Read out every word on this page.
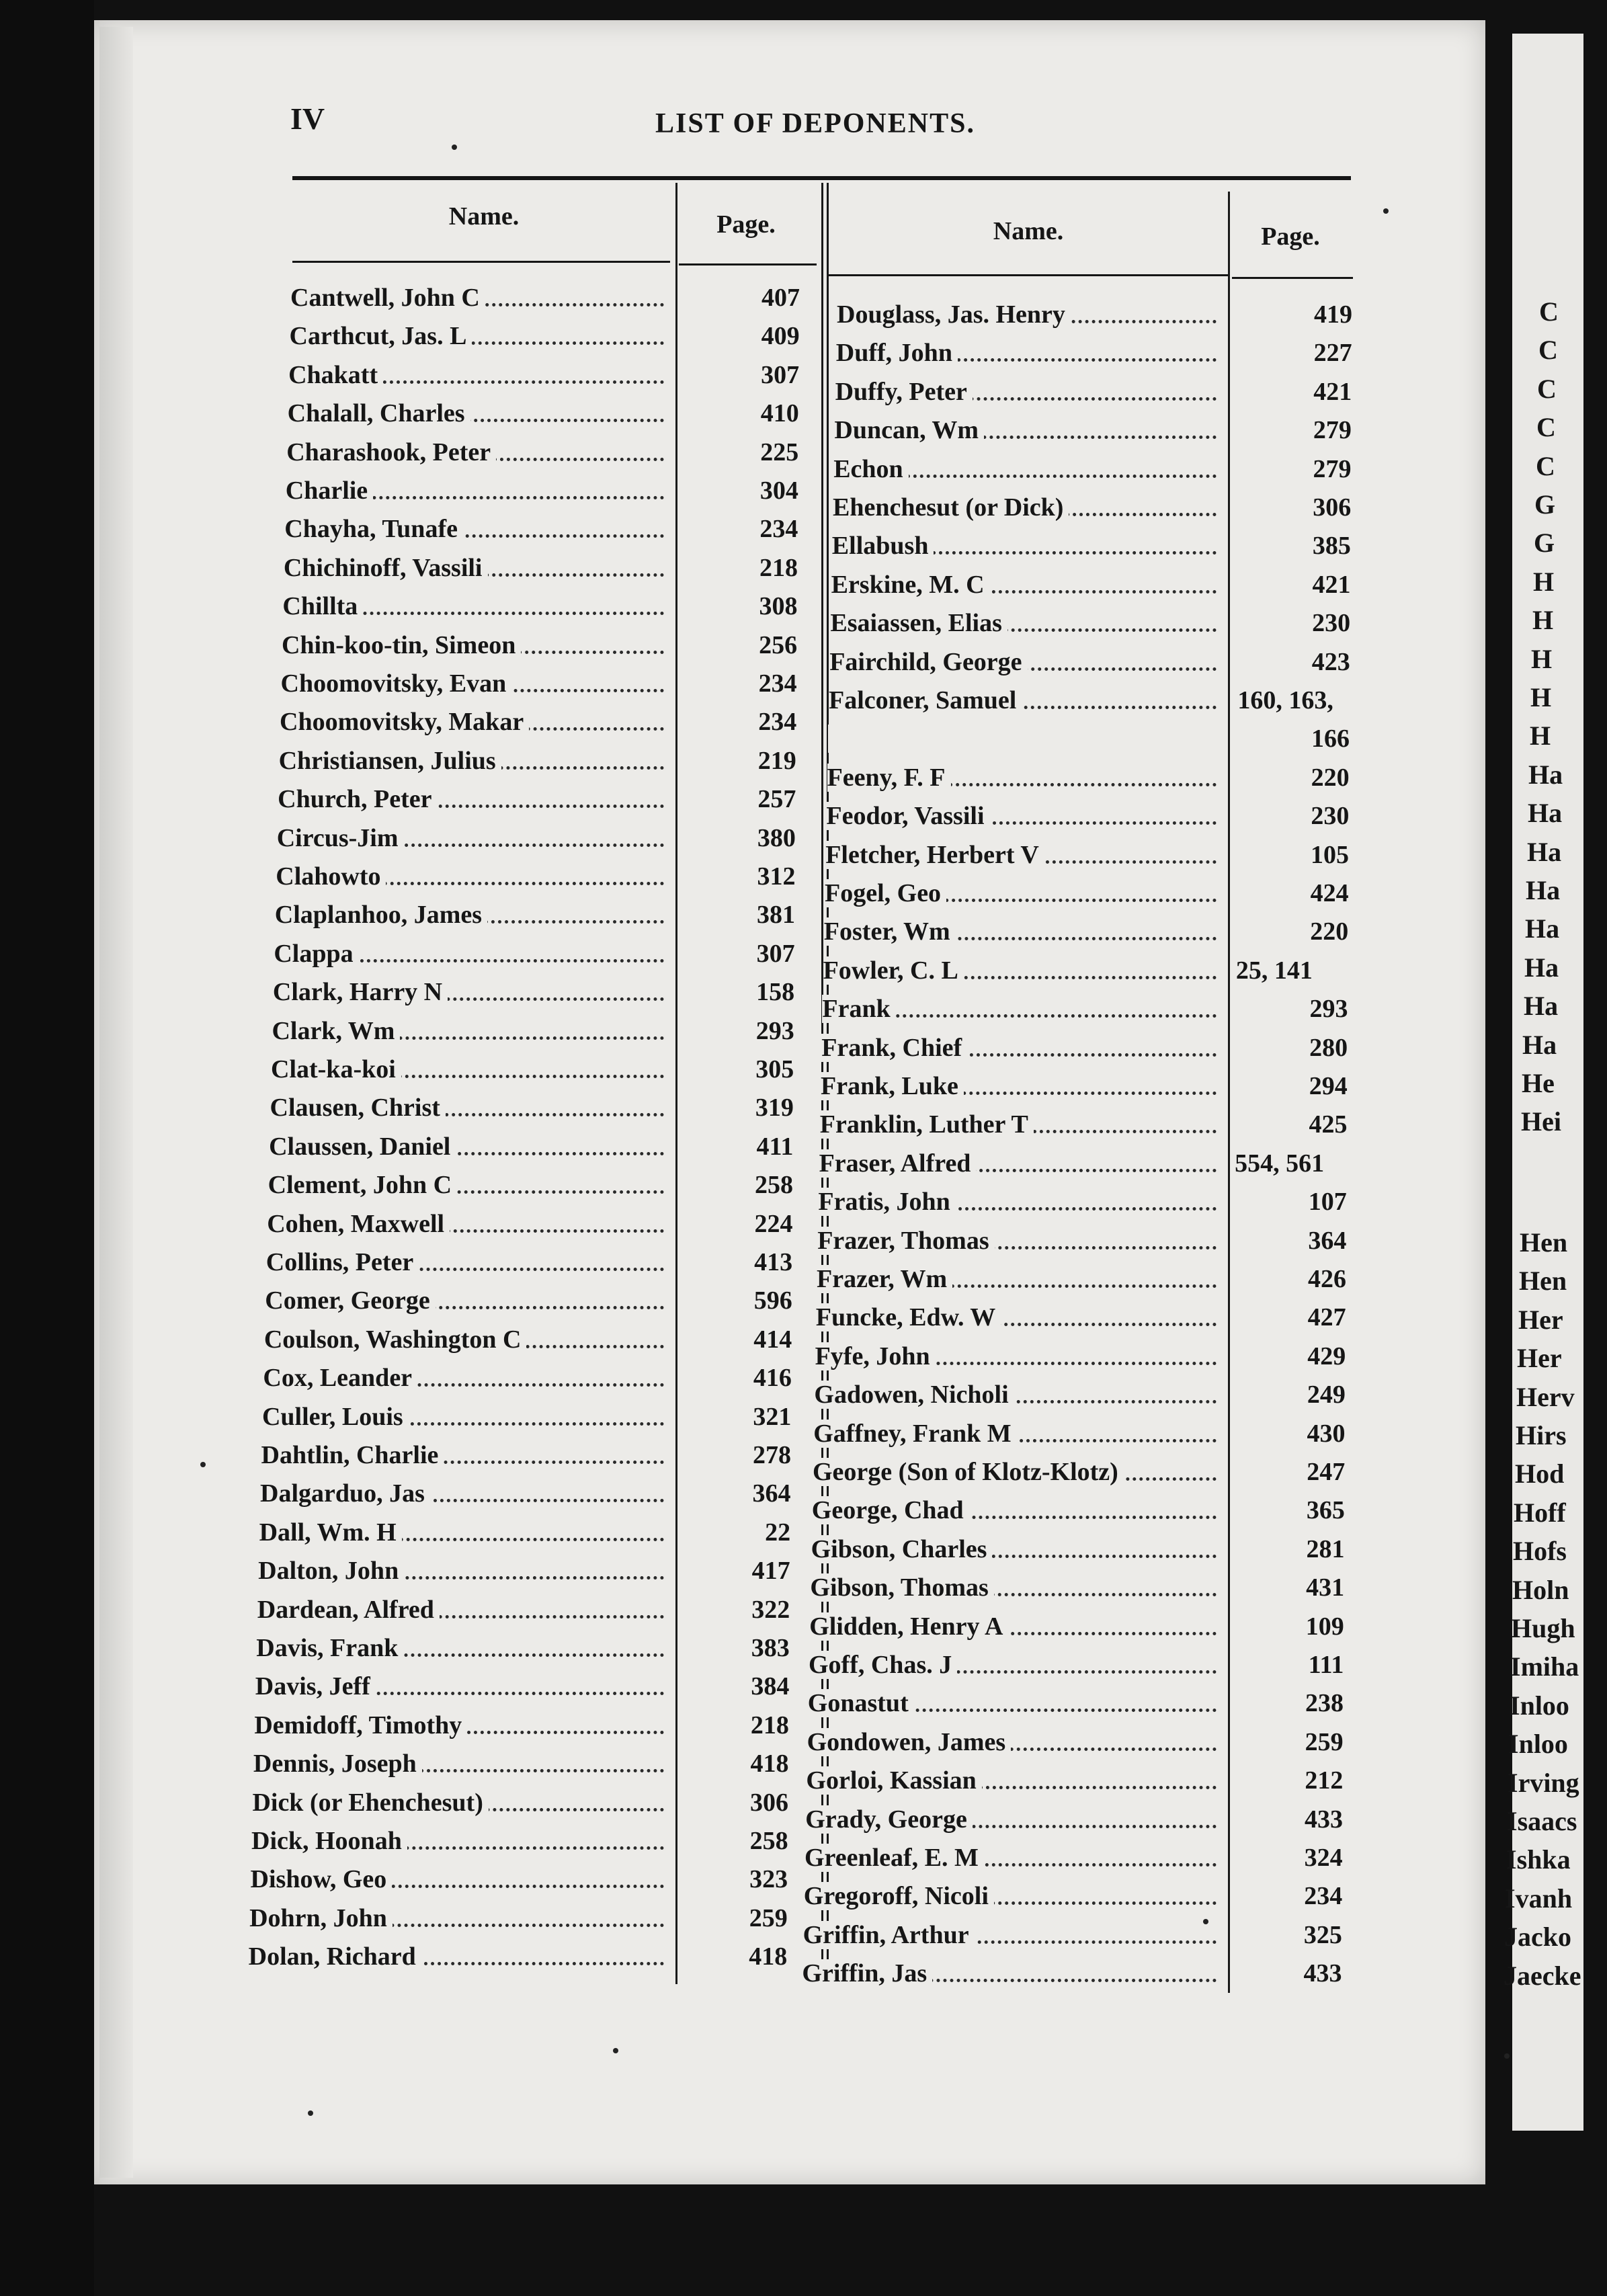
C
C
C
C
C
G
G
H
H
H
H
H
Ha
Ha
Ha
Ha
Ha
Ha
Ha
Ha
He
Hei
Hen
Hen
Her
Her
Herv
Hirs
Hod
Hoff
Hofs
Holn
Hugh
Imiha
Inloo
Inloo
Irving
Isaacs
Ishka
Ivanh
Jacko
Jaecke
IV	LIST OF DEPONENTS.
Name.	Page.	Name.	Page.
Cantwell, John C	407
Carthcut, Jas. L	409
Chakatt	307
Chalall, Charles	410
Charashook, Peter	225
Charlie	304
Chayha, Tunafe	234
Chichinoff, Vassili	218
Chillta	308
Chin-koo-tin, Simeon	256
Choomovitsky, Evan	234
Choomovitsky, Makar	234
Christiansen, Julius	219
Church, Peter	257
Circus-Jim	380
Clahowto	312
Claplanhoo, James	381
Clappa	307
Clark, Harry N	158
Clark, Wm	293
Clat-ka-koi	305
Clausen, Christ	319
Claussen, Daniel	411
Clement, John C	258
Cohen, Maxwell	224
Collins, Peter	413
Comer, George	596
Coulson, Washington C	414
Cox, Leander	416
Culler, Louis	321
Dahtlin, Charlie	278
Dalgarduo, Jas	364
Dall, Wm. H	22
Dalton, John	417
Dardean, Alfred	322
Davis, Frank	383
Davis, Jeff	384
Demidoff, Timothy	218
Dennis, Joseph	418
Dick (or Ehenchesut)	306
Dick, Hoonah	258
Dishow, Geo	323
Dohrn, John	259
Dolan, Richard	418
Douglass, Jas. Henry	419
Duff, John	227
Duffy, Peter	421
Duncan, Wm	279
Echon	279
Ehenchesut (or Dick)	306
Ellabush	385
Erskine, M. C	421
Esaiassen, Elias	230
Fairchild, George	423
Falconer, Samuel	160, 163,
166
Feeny, F. F	220
Feodor, Vassili	230
Fletcher, Herbert V	105
Fogel, Geo	424
Foster, Wm	220
Fowler, C. L	25, 141
Frank	293
Frank, Chief	280
Frank, Luke	294
Franklin, Luther T	425
Fraser, Alfred	554, 561
Fratis, John	107
Frazer, Thomas	364
Frazer, Wm	426
Funcke, Edw. W	427
Fyfe, John	429
Gadowen, Nicholi	249
Gaffney, Frank M	430
George (Son of Klotz-Klotz)	247
George, Chad	365
Gibson, Charles	281
Gibson, Thomas	431
Glidden, Henry A	109
Goff, Chas. J	111
Gonastut	238
Gondowen, James	259
Gorloi, Kassian	212
Grady, George	433
Greenleaf, E. M	324
Gregoroff, Nicoli	234
Griffin, Arthur	325
Griffin, Jas	433
